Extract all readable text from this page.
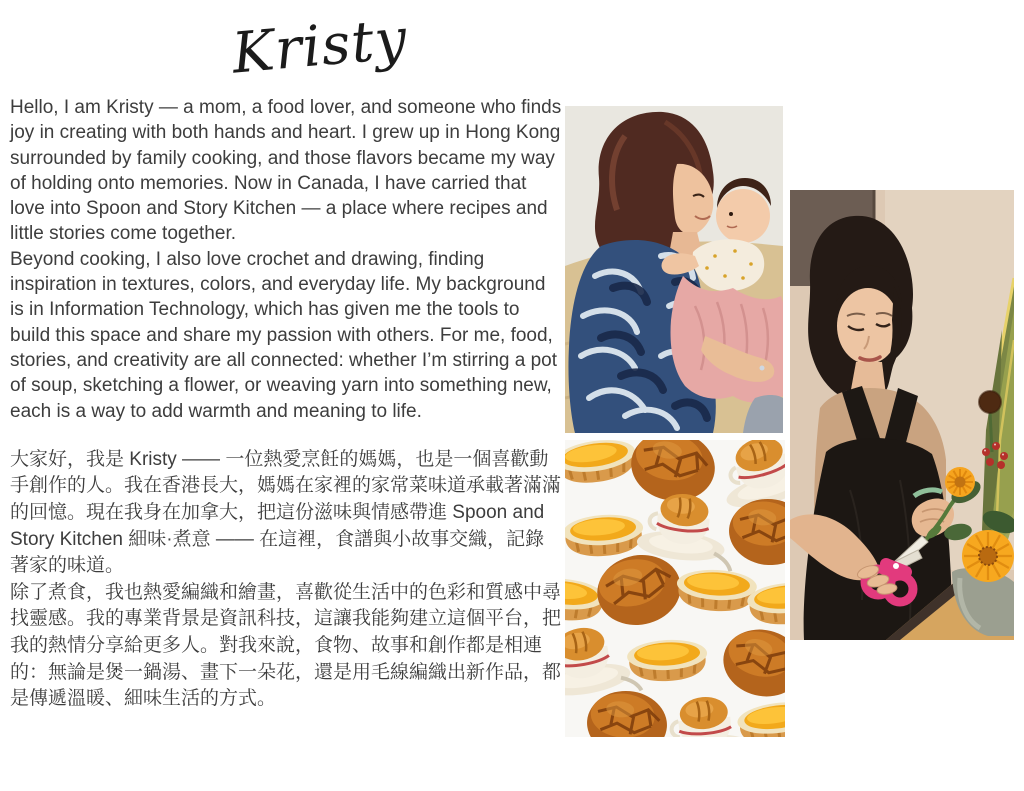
Kristy

Hello, I am Kristy — a mom, a food lover, and someone who finds joy in creating with both hands and heart. I grew up in Hong Kong surrounded by family cooking, and those flavors became my way of holding onto memories. Now in Canada, I have carried that love into Spoon and Story Kitchen — a place where recipes and little stories come together.

Beyond cooking, I also love crochet and drawing, finding inspiration in textures, colors, and everyday life. My background is in Information Technology, which has given me the tools to build this space and share my passion with others. For me, food, stories, and creativity are all connected: whether I’m stirring a pot of soup, sketching a flower, or weaving yarn into something new, each is a way to add warmth and meaning to life.

大家好，我是 Kristy —— 一位熱愛烹飪的媽媽，也是一個喜歡動手創作的人。我在香港長大，媽媽在家裡的家常菜味道承載著滿滿的回憶。現在我身在加拿大，把這份滋味與情感帶進 Spoon and Story Kitchen 細味·煮意 —— 在這裡，食譜與小故事交織，記錄著家的味道。

除了煮食，我也熱愛編織和繪畫，喜歡從生活中的色彩和質感中尋找靈感。我的專業背景是資訊科技，這讓我能夠建立這個平台，把我的熱情分享給更多人。對我來說，食物、故事和創作都是相連的：無論是煲一鍋湯、畫下一朵花，還是用毛線編織出新作品，都是傳遞溫暖、細味生活的方式。
